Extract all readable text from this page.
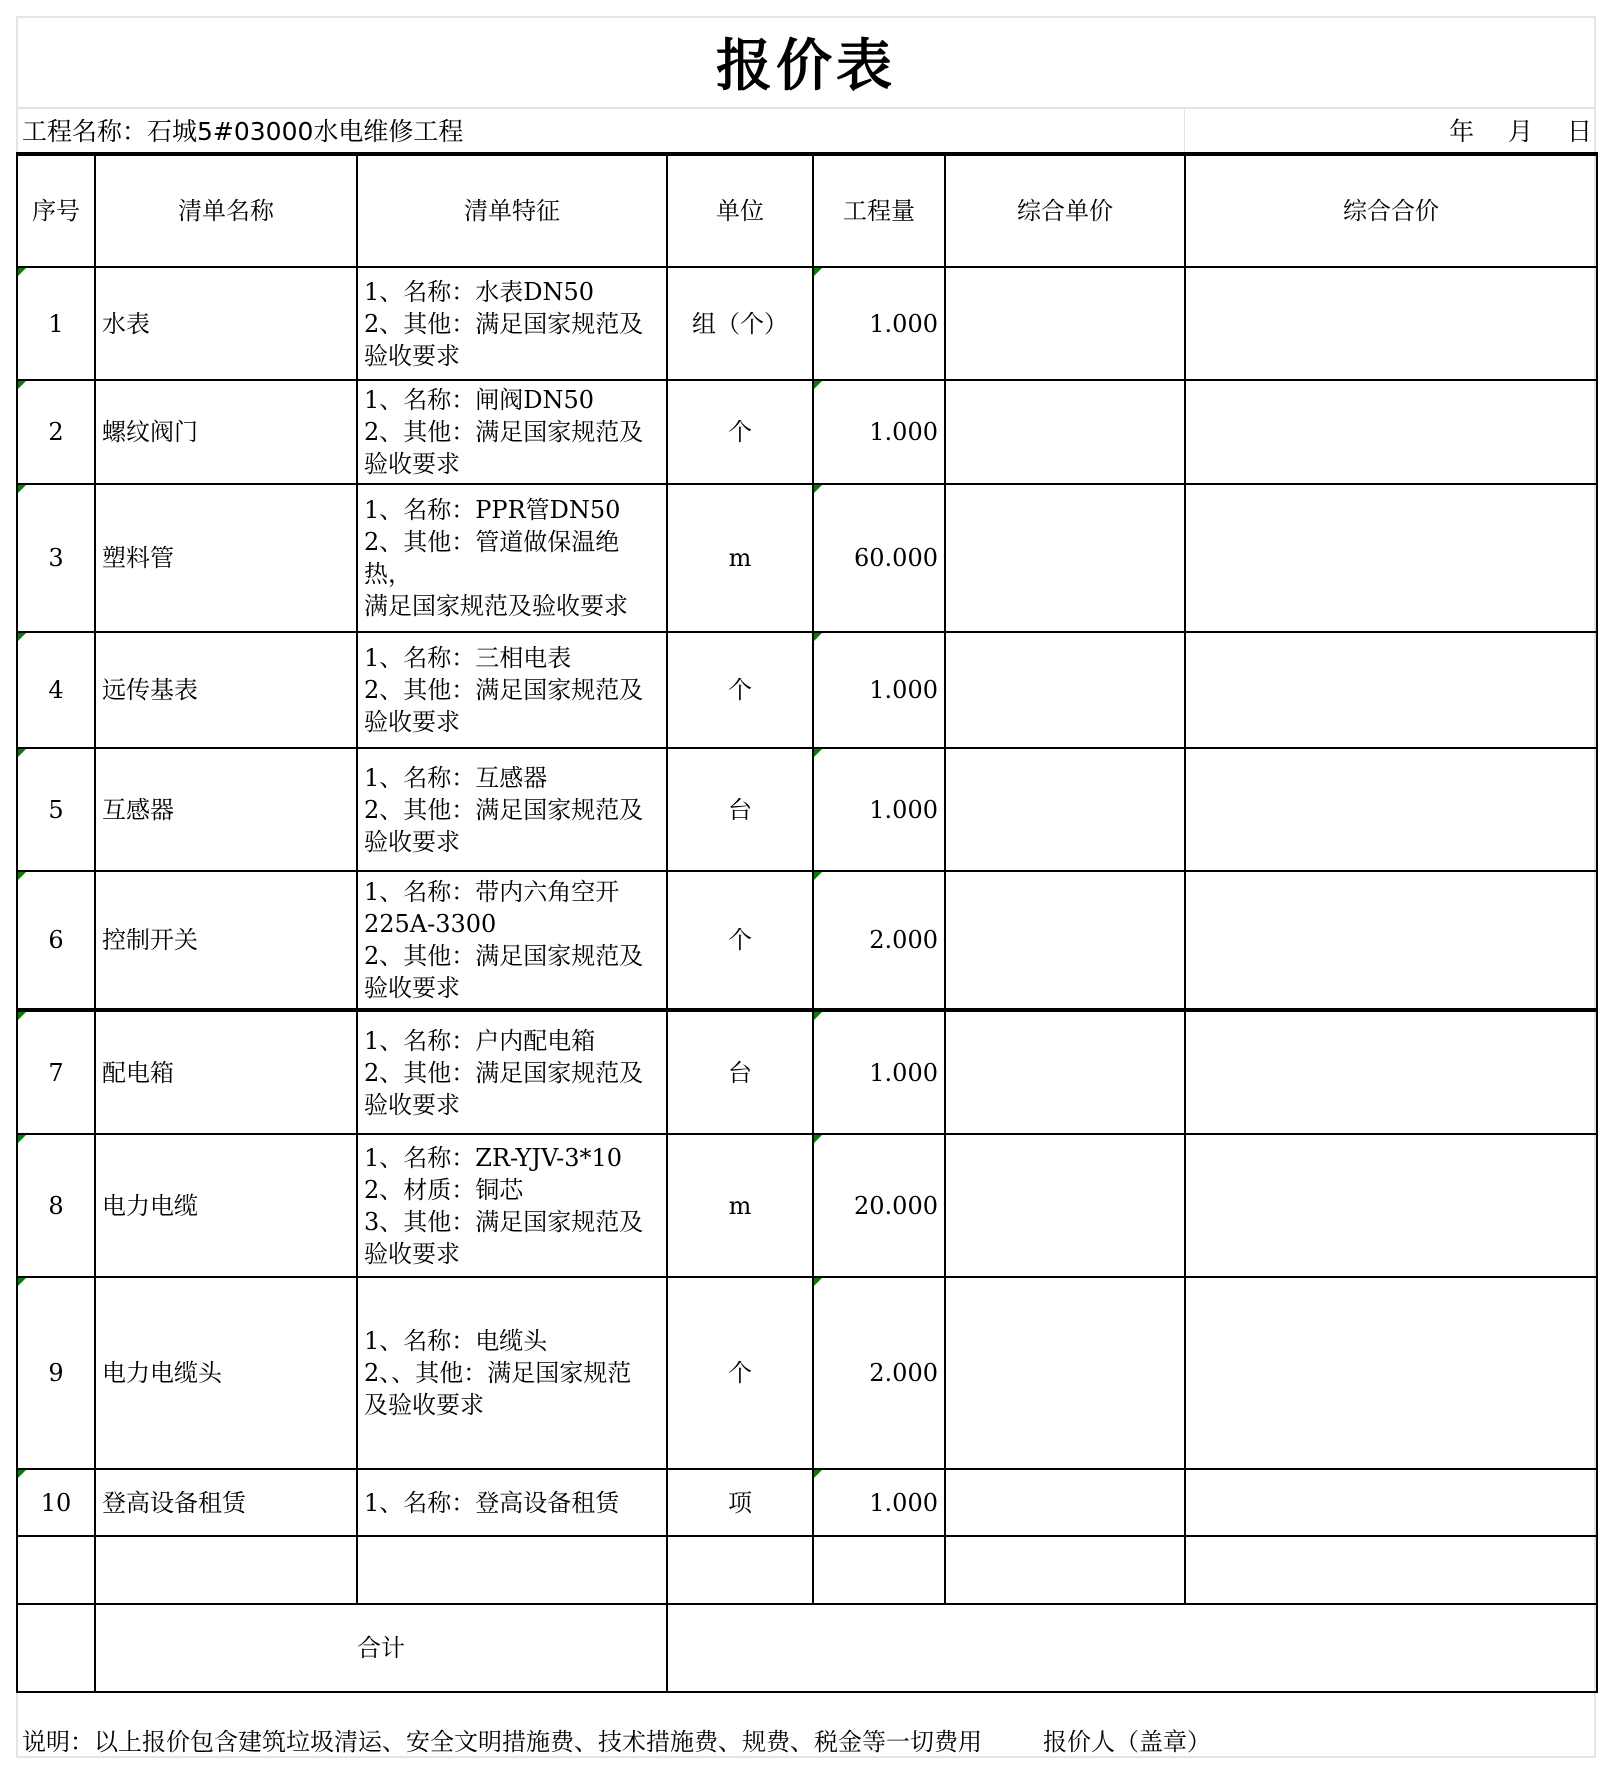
报价表
工程名称：石城5#03000水电维修工程	年 月 日
序号	清单名称	清单特征	单位	工程量	综合单价	综合合价
1	水表	1、名称：水表DN50
2、其他：满足国家规范及
验收要求	组（个）	1.000		
2	螺纹阀门	1、名称：闸阀DN50
2、其他：满足国家规范及
验收要求	个	1.000		
3	塑料管	1、名称：PPR管DN50
2、其他：管道做保温绝
热，
满足国家规范及验收要求	m	60.000		
4	远传基表	1、名称：三相电表
2、其他：满足国家规范及
验收要求	个	1.000		
5	互感器	1、名称：互感器
2、其他：满足国家规范及
验收要求	台	1.000		
6	控制开关	1、名称：带内六角空开
225A-3300
2、其他：满足国家规范及
验收要求	个	2.000		
7	配电箱	1、名称：户内配电箱
2、其他：满足国家规范及
验收要求	台	1.000		
8	电力电缆	1、名称：ZR-YJV-3*10
2、材质：铜芯
3、其他：满足国家规范及
验收要求	m	20.000		
9	电力电缆头	1、名称：电缆头
2、、其他：满足国家规范
及验收要求	个	2.000		
10	登高设备租赁	1、名称：登高设备租赁	项	1.000		

	合计					
说明：以上报价包含建筑垃圾清运、安全文明措施费、技术措施费、规费、税金等一切费用	报价人（盖章）
